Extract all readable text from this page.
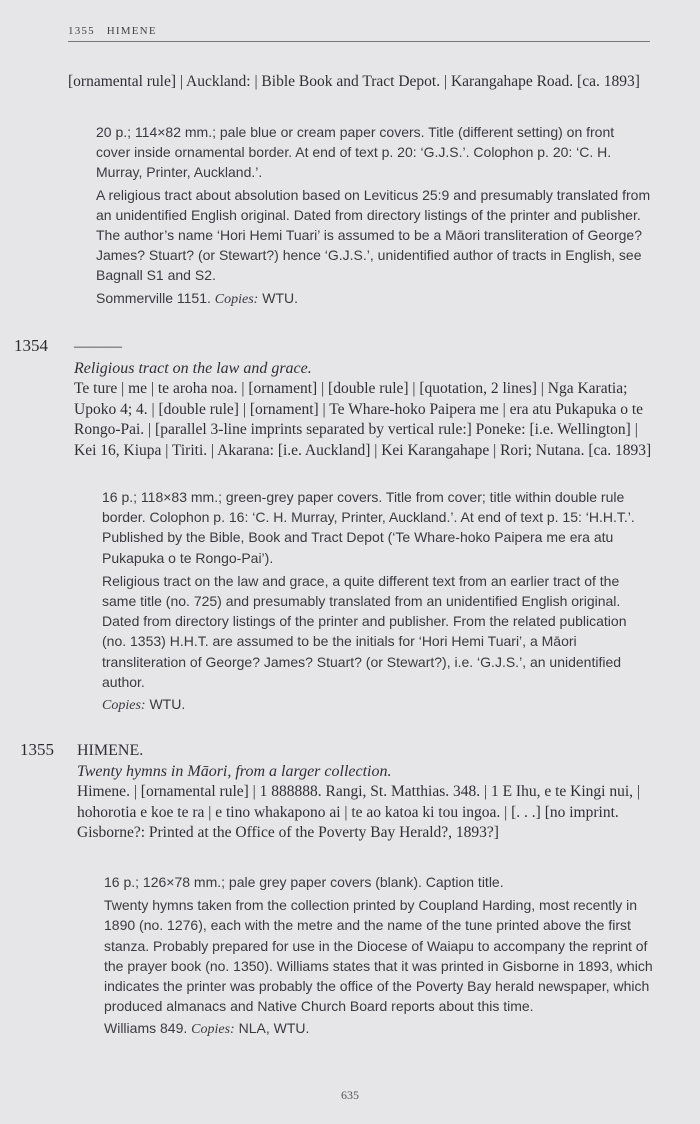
1355 HIMENE

[ornamental rule] | Auckland: | Bible Book and Tract Depot. | Karangahape Road. [ca. 1893]

20 p.; 114×82 mm.; pale blue or cream paper covers. Title (different setting) on front cover inside ornamental border. At end of text p. 20: ‘G.J.S.’. Colophon p. 20: ‘C. H. Murray, Printer, Auckland.’.

A religious tract about absolution based on Leviticus 25:9 and presumably translated from an unidentified English original. Dated from directory listings of the printer and publisher. The author’s name ‘Hori Hemi Tuari’ is assumed to be a Māori transliteration of George? James? Stuart? (or Stewart?) hence ‘G.J.S.’, unidentified author of tracts in English, see Bagnall S1 and S2.

Sommerville 1151. Copies: WTU.

1354 ———

Religious tract on the law and grace.

Te ture | me | te aroha noa. | [ornament] | [double rule] | [quotation, 2 lines] | Nga Karatia; Upoko 4; 4. | [double rule] | [ornament] | Te Whare-hoko Paipera me | era atu Pukapuka o te Rongo-Pai. | [parallel 3-line imprints separated by vertical rule:] Poneke: [i.e. Wellington] | Kei 16, Kiupa | Tiriti. | Akarana: [i.e. Auckland] | Kei Karangahape | Rori; Nutana. [ca. 1893]

16 p.; 118×83 mm.; green-grey paper covers. Title from cover; title within double rule border. Colophon p. 16: ‘C. H. Murray, Printer, Auckland.’. At end of text p. 15: ‘H.H.T.’. Published by the Bible, Book and Tract Depot (‘Te Whare-hoko Paipera me era atu Pukapuka o te Rongo-Pai’).

Religious tract on the law and grace, a quite different text from an earlier tract of the same title (no. 725) and presumably translated from an unidentified English original. Dated from directory listings of the printer and publisher. From the related publication (no. 1353) H.H.T. are assumed to be the initials for ‘Hori Hemi Tuari’, a Māori transliteration of George? James? Stuart? (or Stewart?), i.e. ‘G.J.S.’, an unidentified author.

Copies: WTU.

1355 HIMENE.

Twenty hymns in Māori, from a larger collection.

Himene. | [ornamental rule] | 1 888888. Rangi, St. Matthias. 348. | 1 E Ihu, e te Kingi nui, | hohorotia e koe te ra | e tino whakapono ai | te ao katoa ki tou ingoa. | [. . .] [no imprint. Gisborne?: Printed at the Office of the Poverty Bay Herald?, 1893?]

16 p.; 126×78 mm.; pale grey paper covers (blank). Caption title.

Twenty hymns taken from the collection printed by Coupland Harding, most recently in 1890 (no. 1276), each with the metre and the name of the tune printed above the first stanza. Probably prepared for use in the Diocese of Waiapu to accompany the reprint of the prayer book (no. 1350). Williams states that it was printed in Gisborne in 1893, which indicates the printer was probably the office of the Poverty Bay herald newspaper, which produced almanacs and Native Church Board reports about this time.

Williams 849. Copies: NLA, WTU.

635
